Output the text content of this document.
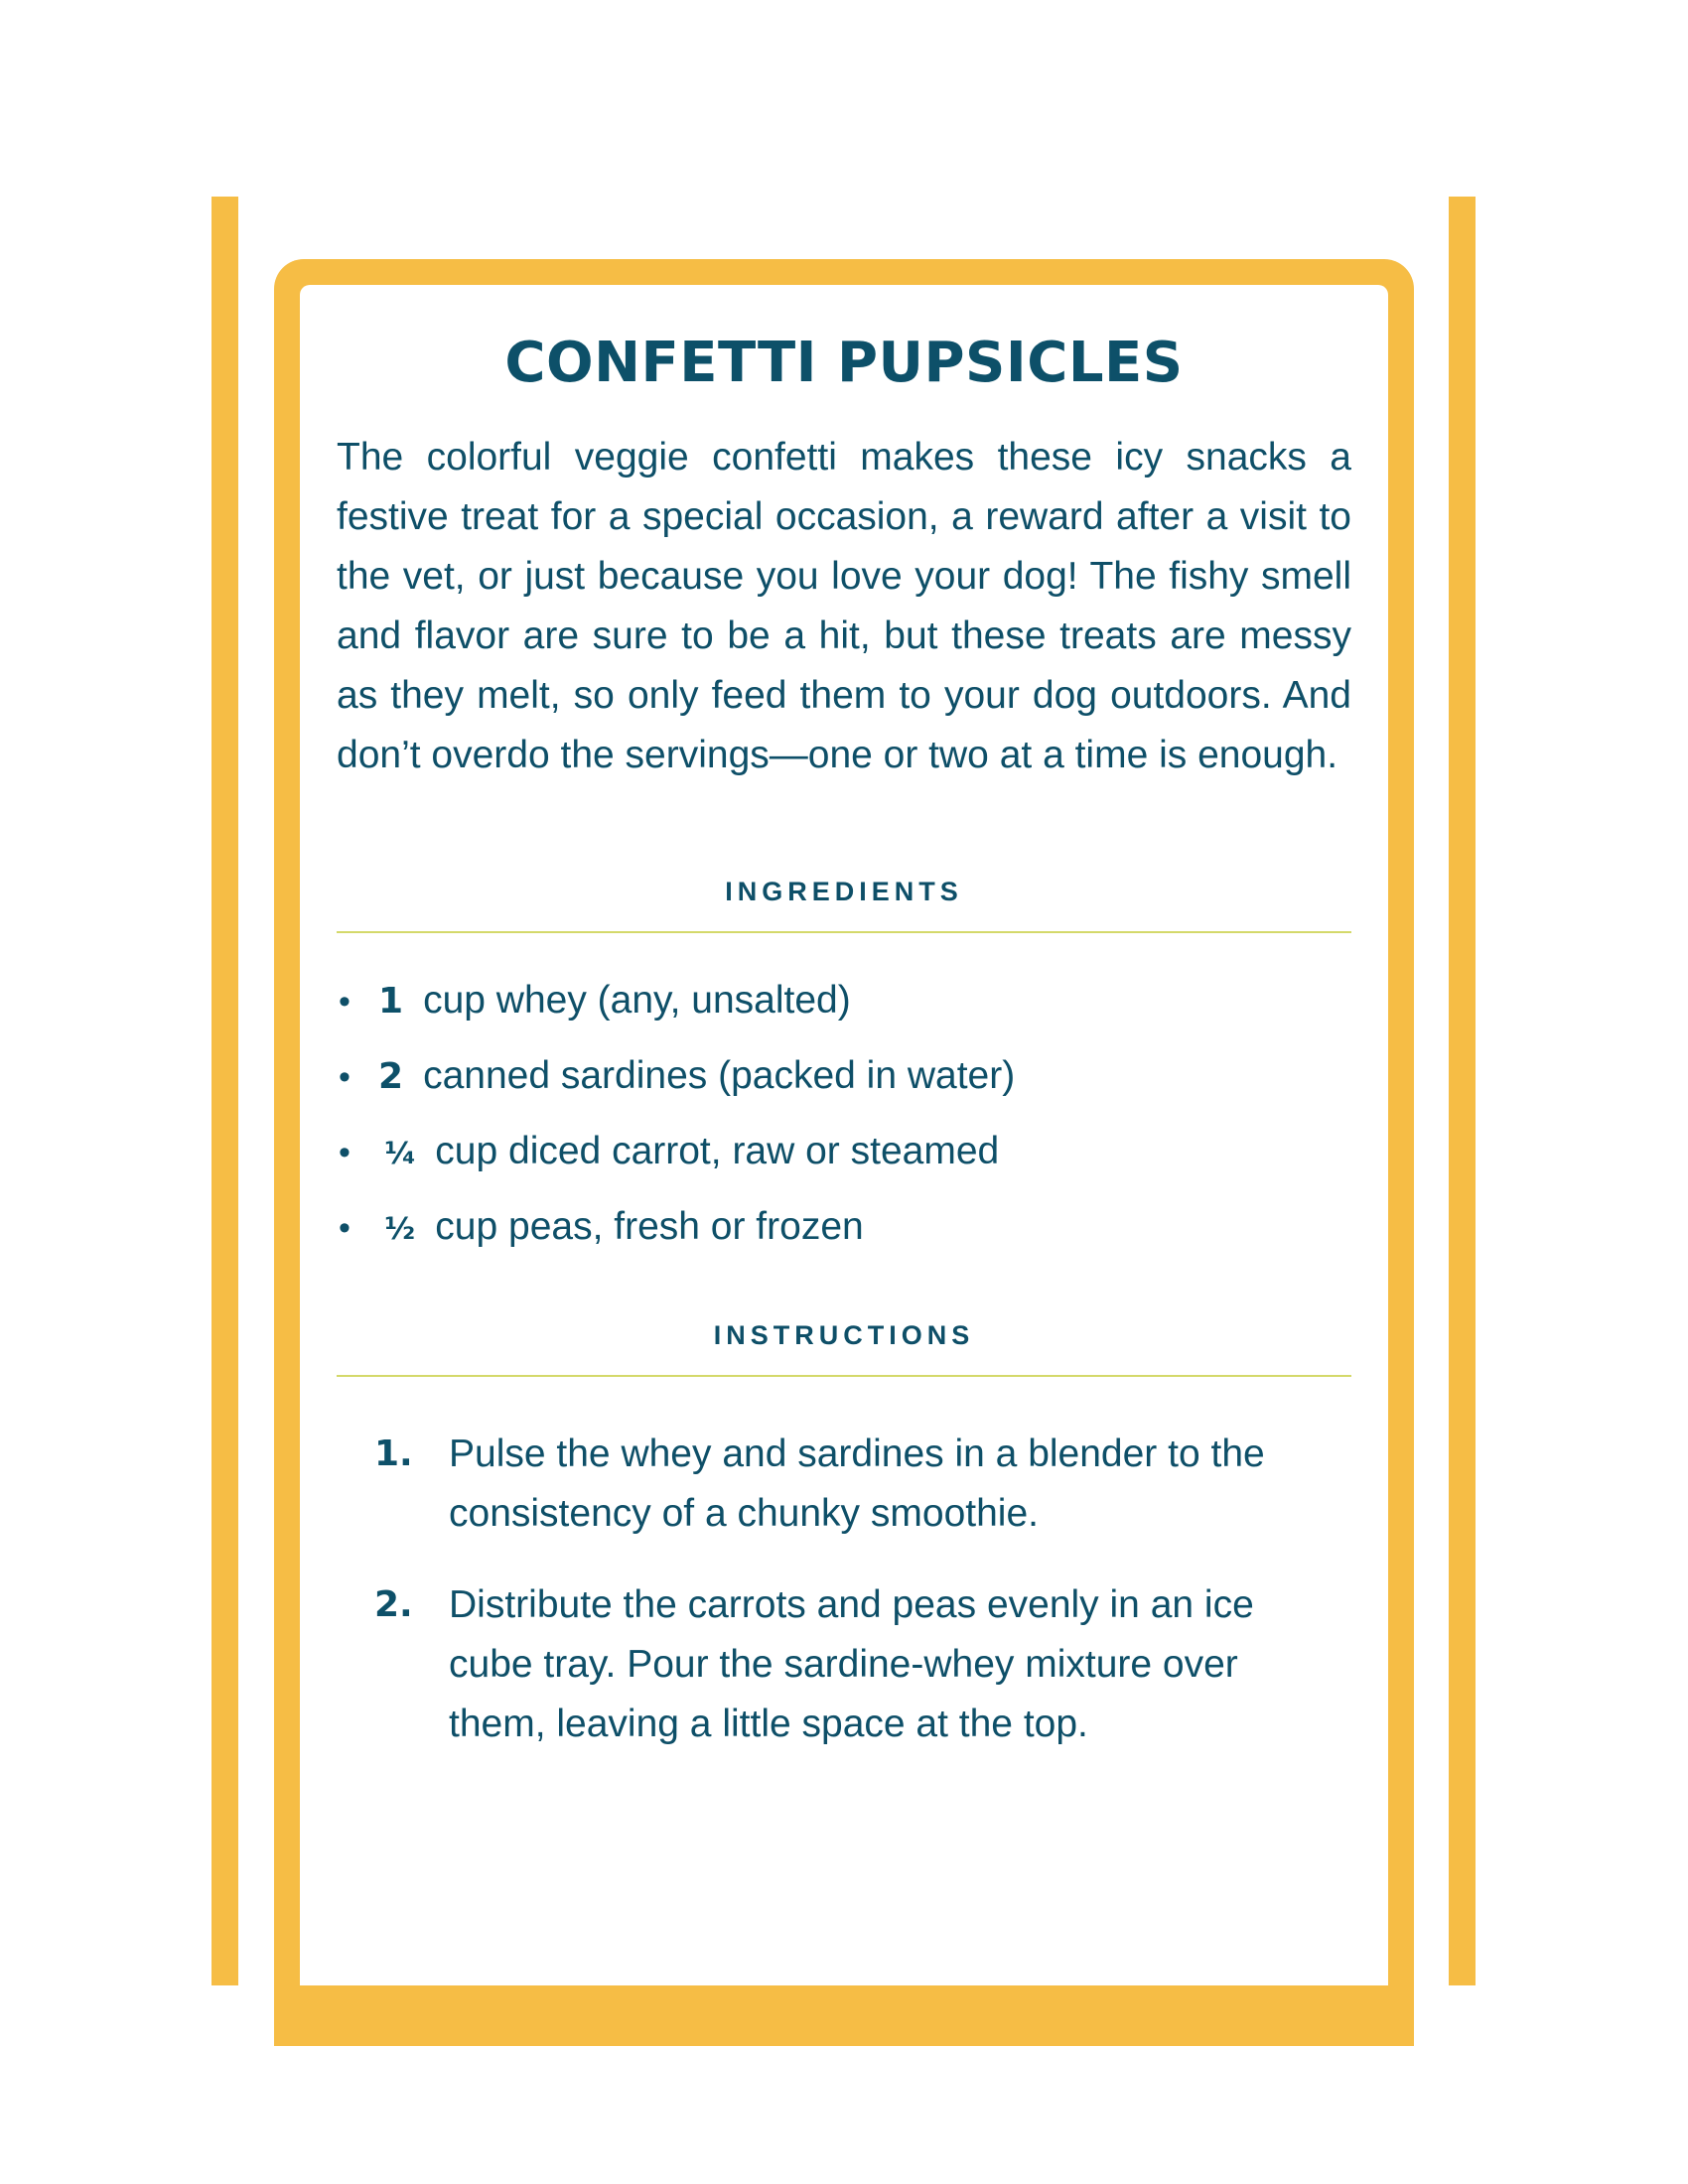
CONFETTI PUPSICLES

The colorful veggie confetti makes these icy snacks a festive treat for a special occasion, a reward after a visit to the vet, or just because you love your dog! The fishy smell and flavor are sure to be a hit, but these treats are messy as they melt, so only feed them to your dog outdoors. And don’t overdo the servings—one or two at a time is enough.

INGREDIENTS
• 1 cup whey (any, unsalted)
• 2 canned sardines (packed in water)
•	¹⁄₄ cup diced carrot, raw or steamed
•	¹⁄₂ cup peas, fresh or frozen
INSTRUCTIONS
1. Pulse the whey and sardines in a blender to the consistency of a chunky smoothie.
2. Distribute the carrots and peas evenly in an ice cube tray. Pour the sardine-whey mixture over them, leaving a little space at the top.
